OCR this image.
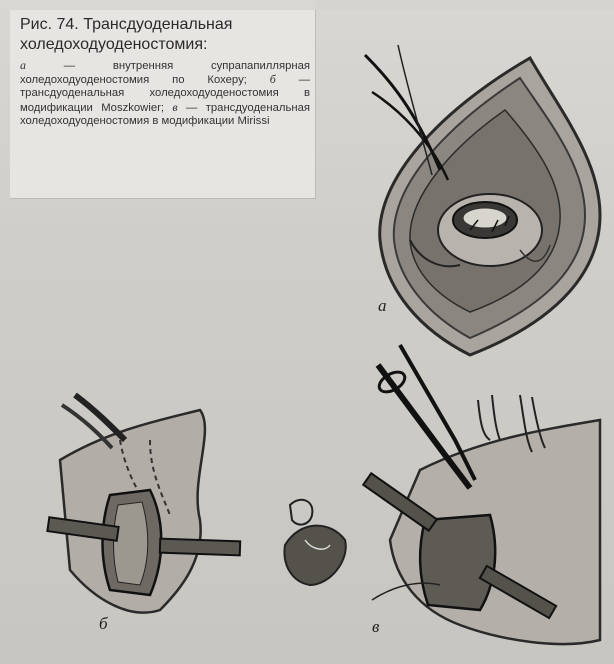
Рис. 74. Трансдуоденальная холедоходуоденостомия:
а — внутренняя супрапапиллярная холедоходуоденостомия по Кохеру; б — трансдуоденальная холедоходуоденостомия в модификации Moszkowier; в — трансдуоденальная холедоходуоденостомия в модификации Mirissi
а
б	в
